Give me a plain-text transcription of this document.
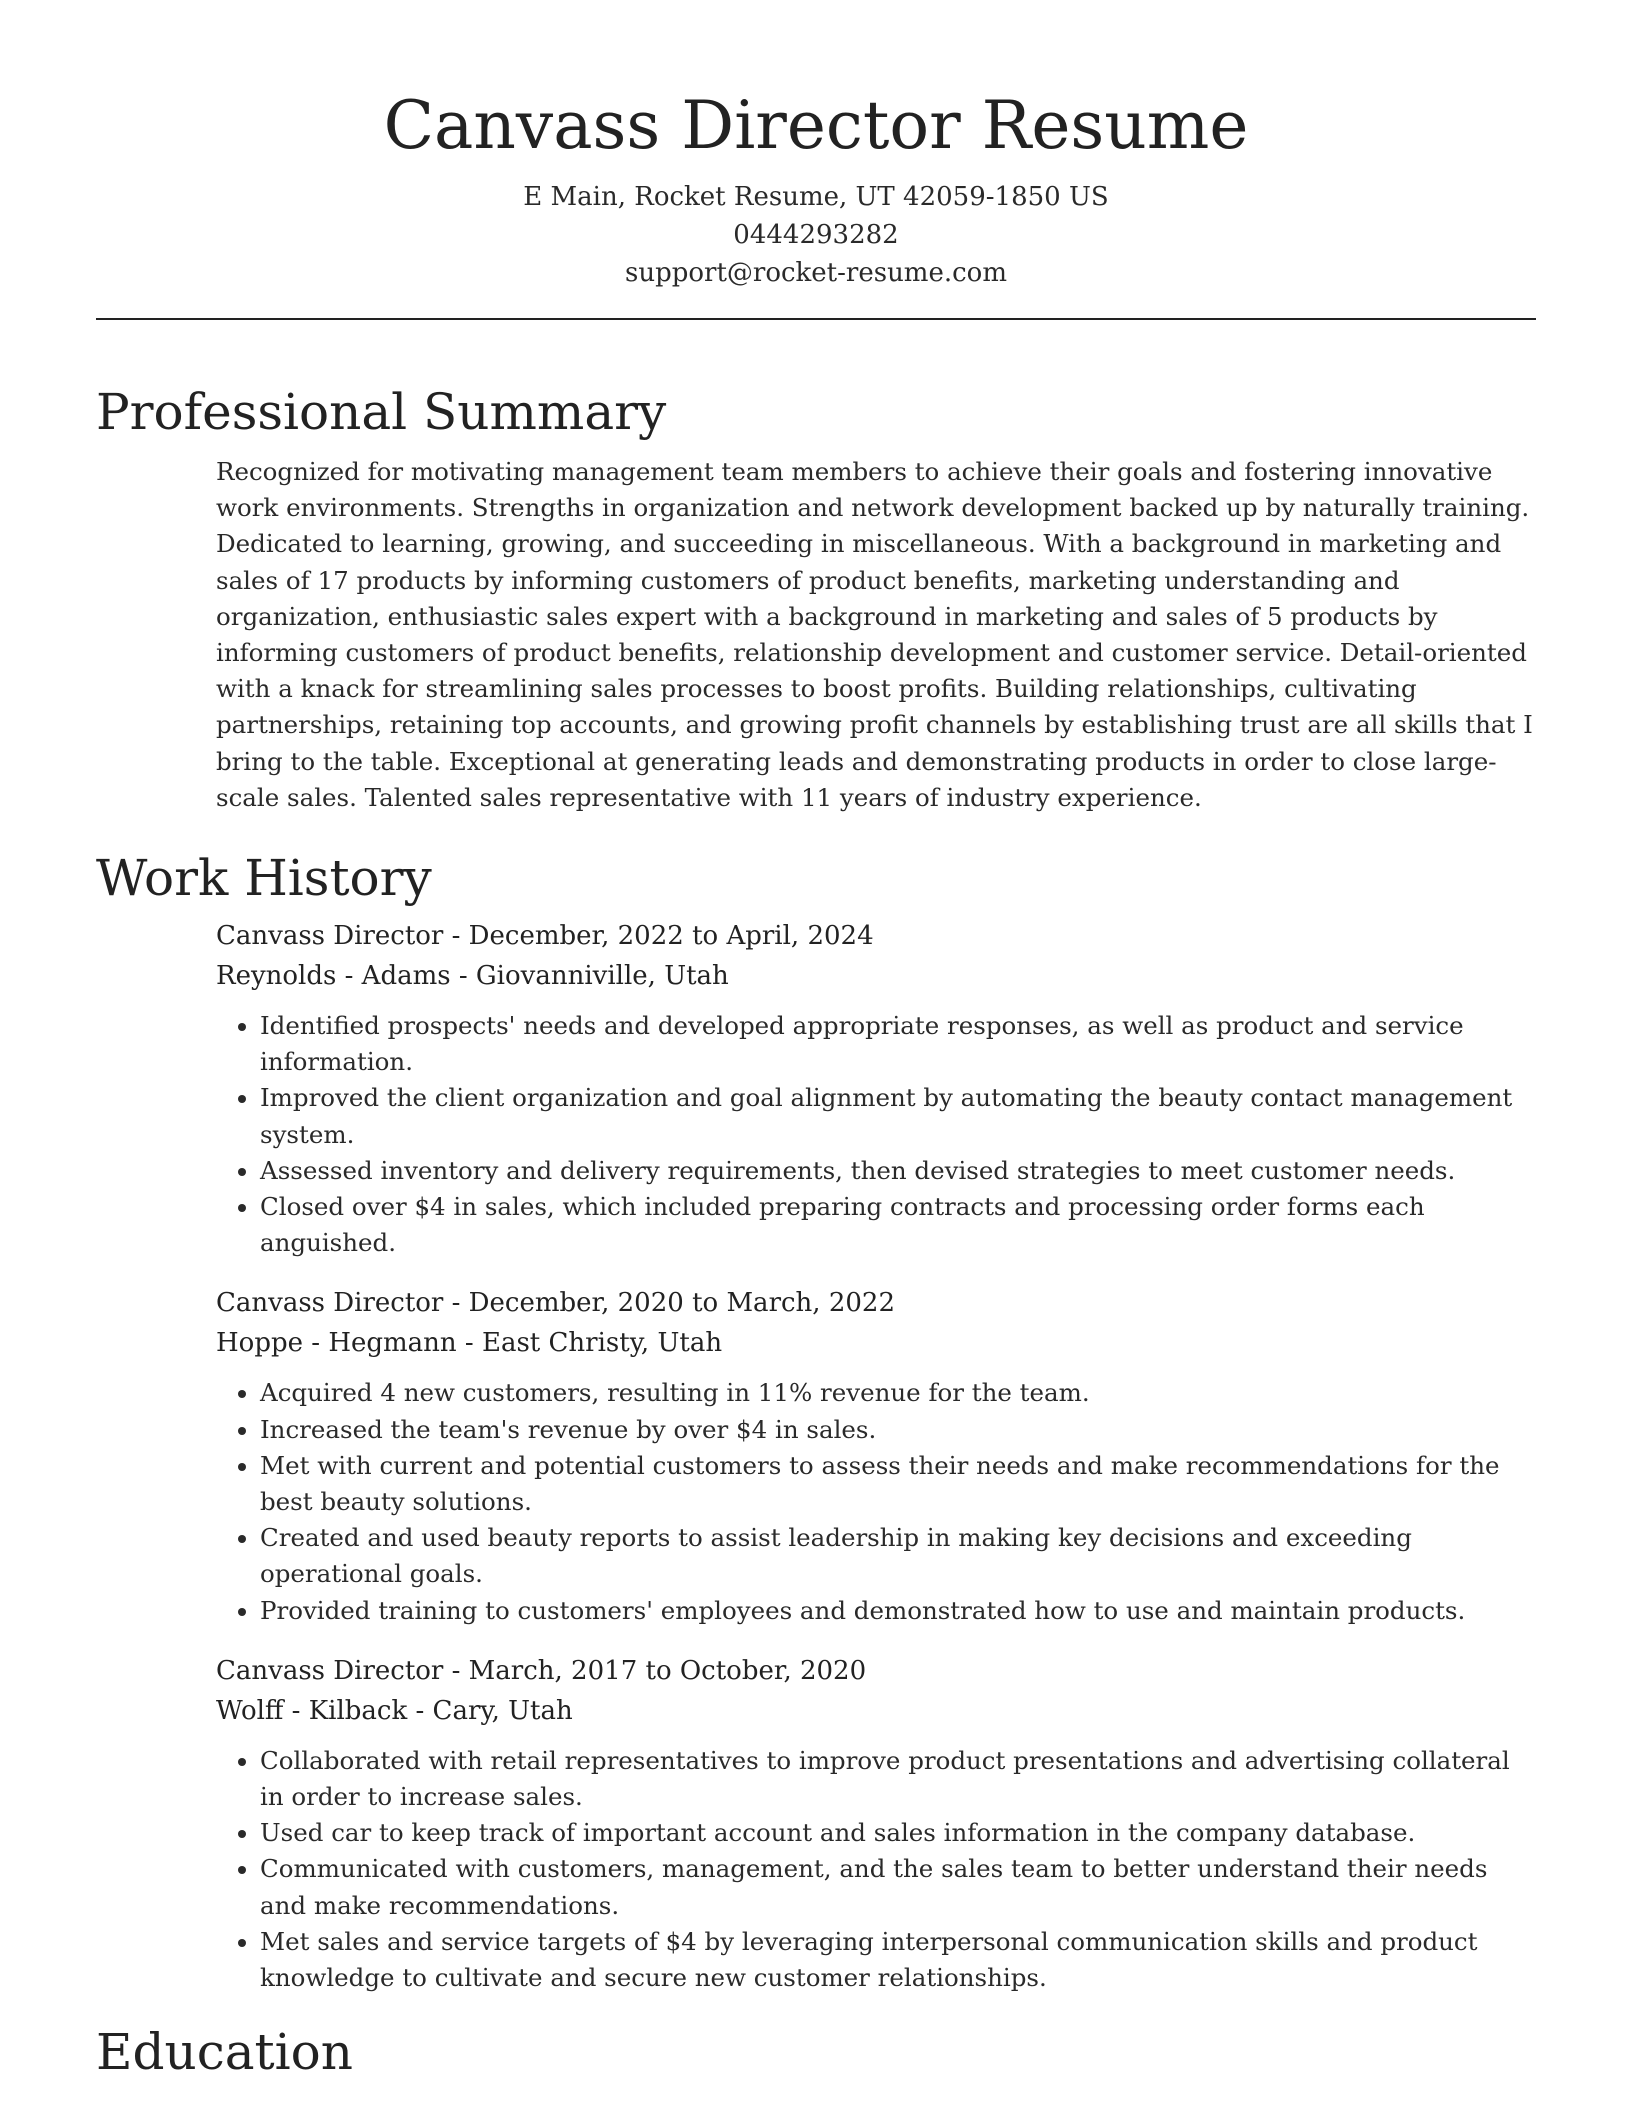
Canvass Director Resume
E Main, Rocket Resume, UT 42059-1850 US
0444293282
support@rocket-resume.com
Professional Summary

Recognized for motivating management team members to achieve their goals and fostering innovative work environments. Strengths in organization and network development backed up by naturally training. Dedicated to learning, growing, and succeeding in miscellaneous. With a background in marketing and sales of 17 products by informing customers of product benefits, marketing understanding and organization, enthusiastic sales expert with a background in marketing and sales of 5 products by informing customers of product benefits, relationship development and customer service. Detail-oriented with a knack for streamlining sales processes to boost profits. Building relationships, cultivating partnerships, retaining top accounts, and growing profit channels by establishing trust are all skills that I bring to the table. Exceptional at generating leads and demonstrating products in order to close large-scale sales. Talented sales representative with 11 years of industry experience.

Work History
Canvass Director - December, 2022 to April, 2024
Reynolds - Adams - Giovanniville, Utah
• Identified prospects' needs and developed appropriate responses, as well as product and service information.
• Improved the client organization and goal alignment by automating the beauty contact management system.
• Assessed inventory and delivery requirements, then devised strategies to meet customer needs.
• Closed over $4 in sales, which included preparing contracts and processing order forms each anguished.
Canvass Director - December, 2020 to March, 2022
Hoppe - Hegmann - East Christy, Utah
• Acquired 4 new customers, resulting in 11% revenue for the team.
• Increased the team's revenue by over $4 in sales.
• Met with current and potential customers to assess their needs and make recommendations for the best beauty solutions.
• Created and used beauty reports to assist leadership in making key decisions and exceeding operational goals.
• Provided training to customers' employees and demonstrated how to use and maintain products.
Canvass Director - March, 2017 to October, 2020
Wolff - Kilback - Cary, Utah
• Collaborated with retail representatives to improve product presentations and advertising collateral in order to increase sales.
• Used car to keep track of important account and sales information in the company database.
• Communicated with customers, management, and the sales team to better understand their needs and make recommendations.
• Met sales and service targets of $4 by leveraging interpersonal communication skills and product knowledge to cultivate and secure new customer relationships.
Education
